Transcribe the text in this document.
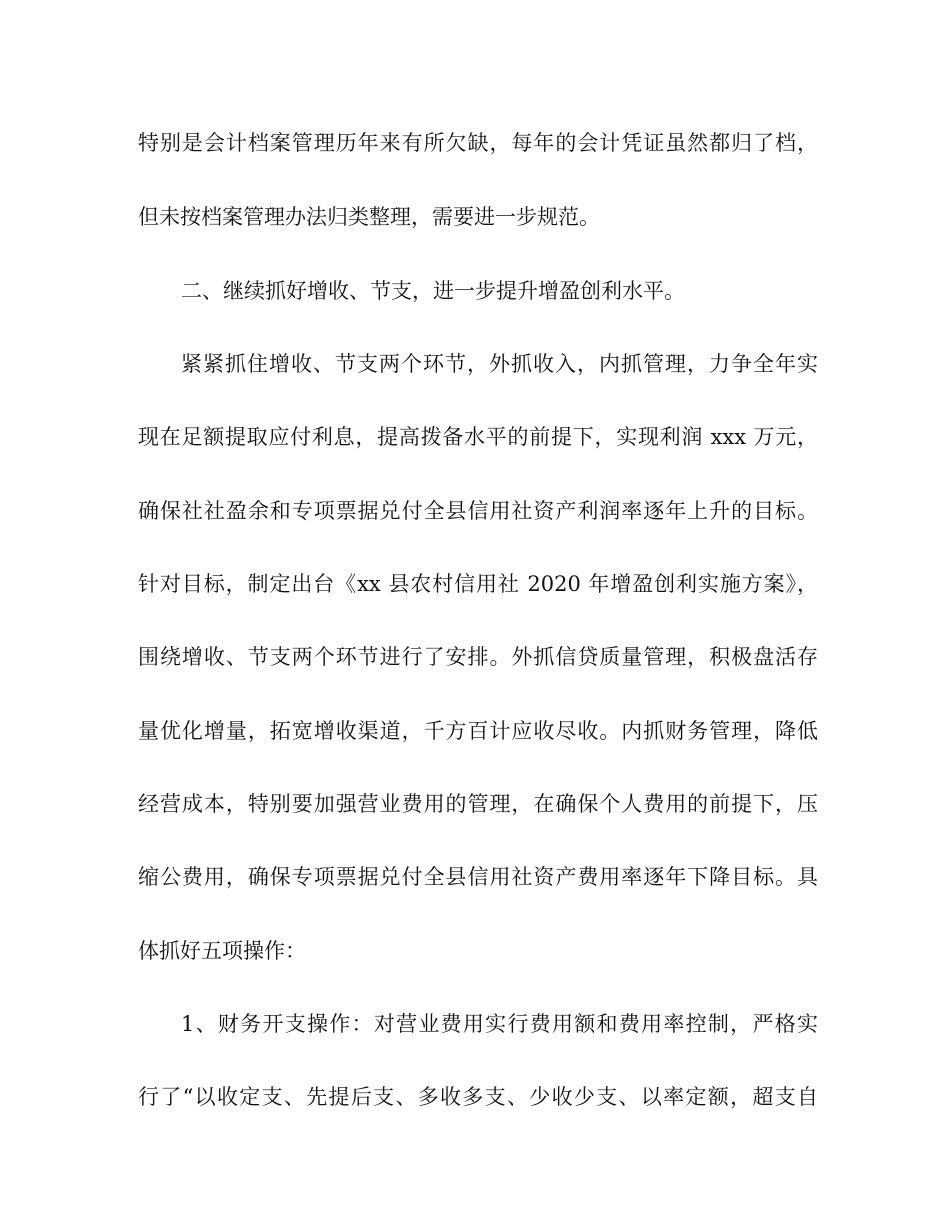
特别是会计档案管理历年来有所欠缺，每年的会计凭证虽然都归了档，
但未按档案管理办法归类整理，需要进一步规范。
二、继续抓好增收、节支，进一步提升增盈创利水平。
紧紧抓住增收、节支两个环节，外抓收入，内抓管理，力争全年实
现在足额提取应付利息，提高拨备水平的前提下，实现利润 xxx 万元，
确保社社盈余和专项票据兑付全县信用社资产利润率逐年上升的目标。
针对目标，制定出台《xx 县农村信用社 2020 年增盈创利实施方案》，
围绕增收、节支两个环节进行了安排。外抓信贷质量管理，积极盘活存
量优化增量，拓宽增收渠道，千方百计应收尽收。内抓财务管理，降低
经营成本，特别要加强营业费用的管理，在确保个人费用的前提下，压
缩公费用，确保专项票据兑付全县信用社资产费用率逐年下降目标。具
体抓好五项操作：
1、财务开支操作：对营业费用实行费用额和费用率控制，严格实
行了“以收定支、先提后支、多收多支、少收少支、以率定额，超支自
